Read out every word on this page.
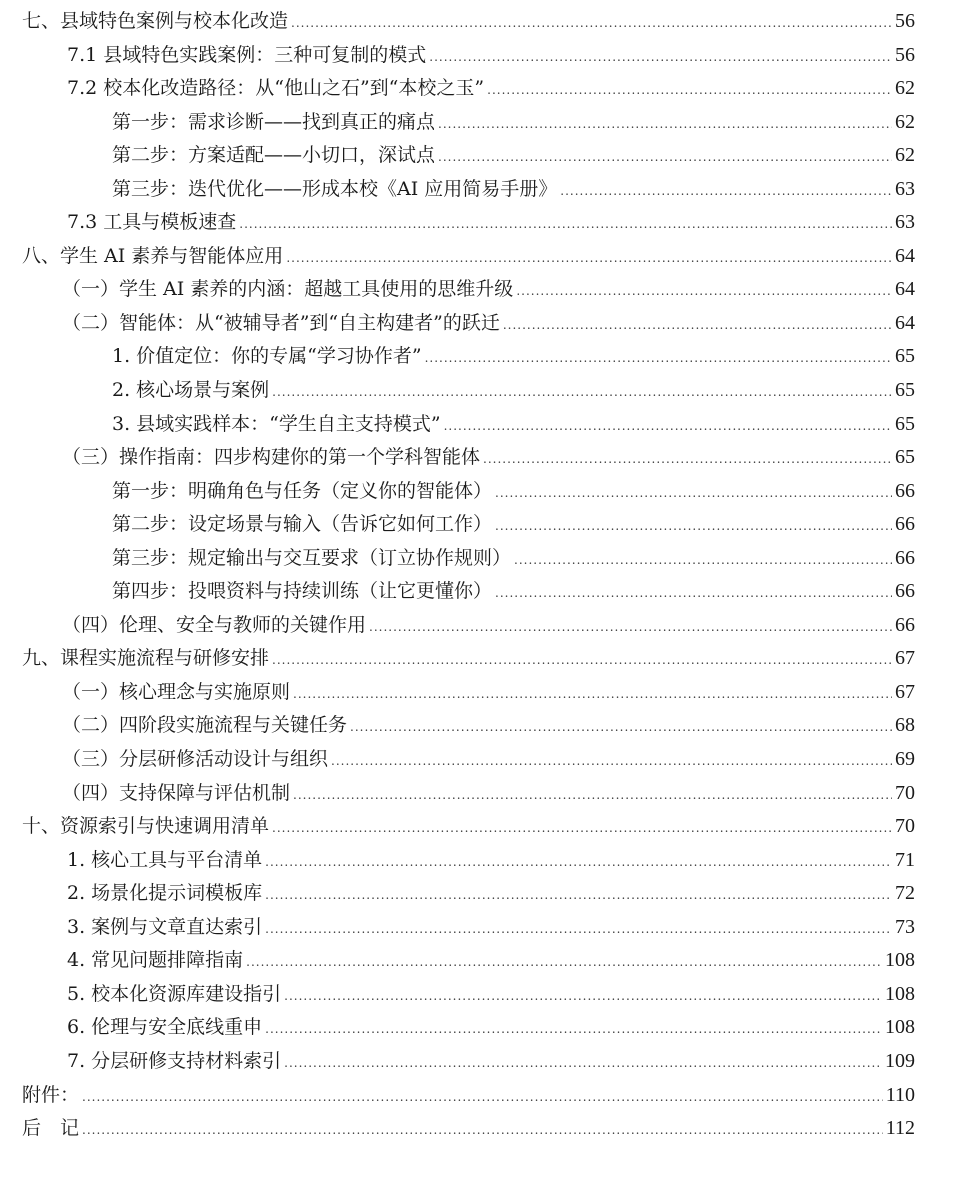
七、县域特色案例与校本化改造 .....	56
7.1 县域特色实践案例：三种可复制的模式 .....	56
7.2 校本化改造路径：从“他山之石”到“本校之玉” .....	62
第一步：需求诊断——找到真正的痛点 .....	62
第二步：方案适配——小切口，深试点 .....	62
第三步：迭代优化——形成本校《AI 应用简易手册》 .....	63
7.3 工具与模板速查 .....	63
八、学生 AI 素养与智能体应用 .....	64
（一）学生 AI 素养的内涵：超越工具使用的思维升级 .....	64
（二）智能体：从“被辅导者”到“自主构建者”的跃迁 .....	64
1. 价值定位：你的专属“学习协作者” .....	65
2. 核心场景与案例 .....	65
3. 县域实践样本：“学生自主支持模式” .....	65
（三）操作指南：四步构建你的第一个学科智能体 .....	65
第一步：明确角色与任务（定义你的智能体） .....	66
第二步：设定场景与输入（告诉它如何工作） .....	66
第三步：规定输出与交互要求（订立协作规则） .....	66
第四步：投喂资料与持续训练（让它更懂你） .....	66
（四）伦理、安全与教师的关键作用 .....	66
九、课程实施流程与研修安排 .....	67
（一）核心理念与实施原则 .....	67
（二）四阶段实施流程与关键任务 .....	68
（三）分层研修活动设计与组织 .....	69
（四）支持保障与评估机制 .....	70
十、资源索引与快速调用清单 .....	70
1. 核心工具与平台清单 .....	71
2. 场景化提示词模板库 .....	72
3. 案例与文章直达索引 .....	73
4. 常见问题排障指南 .....	108
5. 校本化资源库建设指引 .....	108
6. 伦理与安全底线重申 .....	108
7. 分层研修支持材料索引 .....	109
附件： .....	110
后　记 .....	112
